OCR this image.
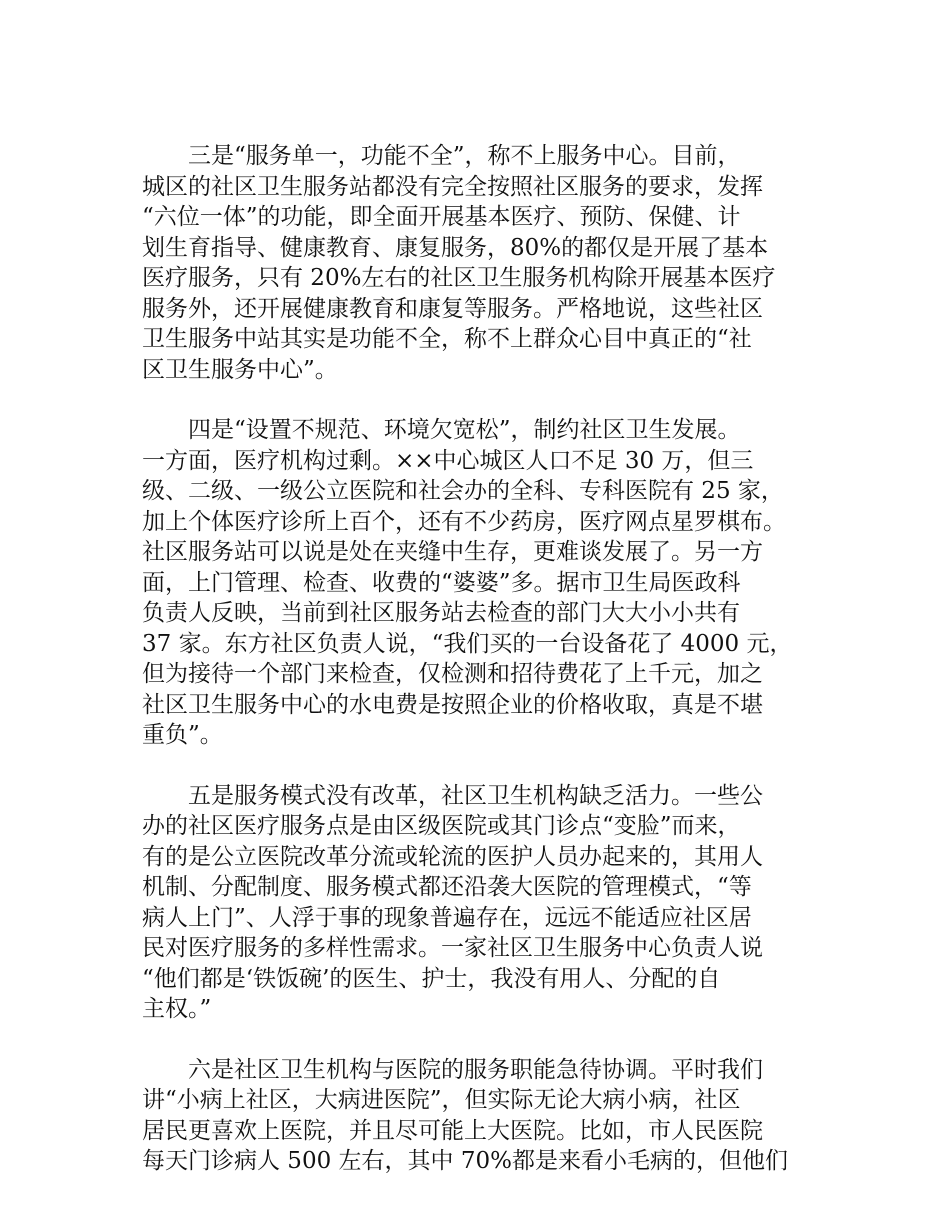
三是“服务单一，功能不全”，称不上服务中心。目前，
城区的社区卫生服务站都没有完全按照社区服务的要求，发挥
“六位一体”的功能，即全面开展基本医疗、预防、保健、计
划生育指导、健康教育、康复服务，80%的都仅是开展了基本
医疗服务，只有 20%左右的社区卫生服务机构除开展基本医疗
服务外，还开展健康教育和康复等服务。严格地说，这些社区
卫生服务中站其实是功能不全，称不上群众心目中真正的“社
区卫生服务中心”。
四是“设置不规范、环境欠宽松”，制约社区卫生发展。
一方面，医疗机构过剩。××中心城区人口不足 30 万，但三
级、二级、一级公立医院和社会办的全科、专科医院有 25 家，
加上个体医疗诊所上百个，还有不少药房，医疗网点星罗棋布。
社区服务站可以说是处在夹缝中生存，更难谈发展了。另一方
面，上门管理、检查、收费的“婆婆”多。据市卫生局医政科
负责人反映，当前到社区服务站去检查的部门大大小小共有
37 家。东方社区负责人说，“我们买的一台设备花了 4000 元，
但为接待一个部门来检查，仅检测和招待费花了上千元，加之
社区卫生服务中心的水电费是按照企业的价格收取，真是不堪
重负”。
五是服务模式没有改革，社区卫生机构缺乏活力。一些公
办的社区医疗服务点是由区级医院或其门诊点“变脸”而来，
有的是公立医院改革分流或轮流的医护人员办起来的，其用人
机制、分配制度、服务模式都还沿袭大医院的管理模式，“等
病人上门”、人浮于事的现象普遍存在，远远不能适应社区居
民对医疗服务的多样性需求。一家社区卫生服务中心负责人说
“他们都是‘铁饭碗’的医生、护士，我没有用人、分配的自
主权。”
六是社区卫生机构与医院的服务职能急待协调。平时我们
讲“小病上社区，大病进医院”，但实际无论大病小病，社区
居民更喜欢上医院，并且尽可能上大医院。比如，市人民医院
每天门诊病人 500 左右，其中 70%都是来看小毛病的，但他们
